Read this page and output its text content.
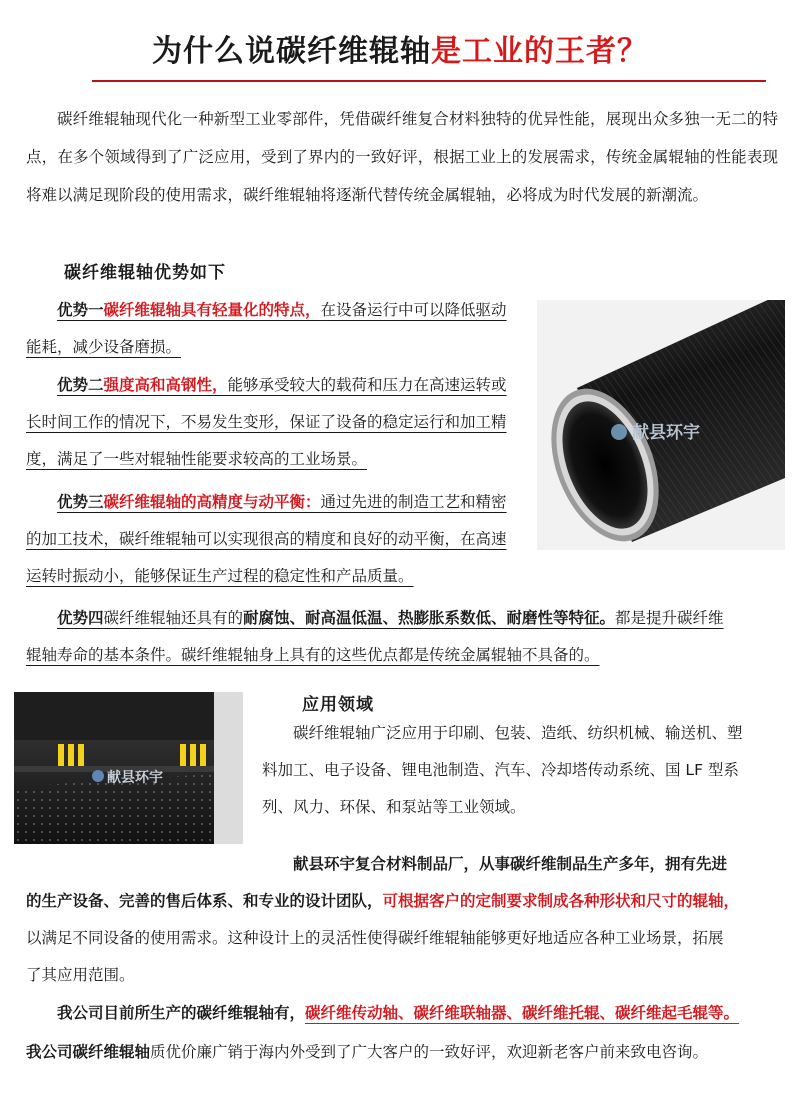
为什么说碳纤维辊轴是工业的王者？
碳纤维辊轴现代化一种新型工业零部件，凭借碳纤维复合材料独特的优异性能，展现出众多独一无二的特点，在多个领域得到了广泛应用，受到了界内的一致好评，根据工业上的发展需求，传统金属辊轴的性能表现将难以满足现阶段的使用需求，碳纤维辊轴将逐渐代替传统金属辊轴，必将成为时代发展的新潮流。
碳纤维辊轴优势如下
献县环宇
优势一碳纤维辊轴具有轻量化的特点，在设备运行中可以降低驱动
能耗，减少设备磨损。
优势二强度高和高钢性，能够承受较大的载荷和压力在高速运转或
长时间工作的情况下，不易发生变形，保证了设备的稳定运行和加工精
度，满足了一些对辊轴性能要求较高的工业场景。
优势三碳纤维辊轴的高精度与动平衡：通过先进的制造工艺和精密
的加工技术，碳纤维辊轴可以实现很高的精度和良好的动平衡，在高速
运转时振动小，能够保证生产过程的稳定性和产品质量。
优势四碳纤维辊轴还具有的耐腐蚀、耐高温低温、热膨胀系数低、耐磨性等特征。都是提升碳纤维
辊轴寿命的基本条件。碳纤维辊轴身上具有的这些优点都是传统金属辊轴不具备的。
献县环宇
应用领域
碳纤维辊轴广泛应用于印刷、包装、造纸、纺织机械、输送机、塑
料加工、电子设备、锂电池制造、汽车、冷却塔传动系统、国 LF 型系
列、风力、环保、和泵站等工业领域。
献县环宇复合材料制品厂，从事碳纤维制品生产多年，拥有先进
的生产设备、完善的售后体系、和专业的设计团队，可根据客户的定制要求制成各种形状和尺寸的辊轴，
以满足不同设备的使用需求。这种设计上的灵活性使得碳纤维辊轴能够更好地适应各种工业场景，拓展
了其应用范围。
我公司目前所生产的碳纤维辊轴有，碳纤维传动轴、碳纤维联轴器、碳纤维托辊、碳纤维起毛辊等。
我公司碳纤维辊轴质优价廉广销于海内外受到了广大客户的一致好评，欢迎新老客户前来致电咨询。
